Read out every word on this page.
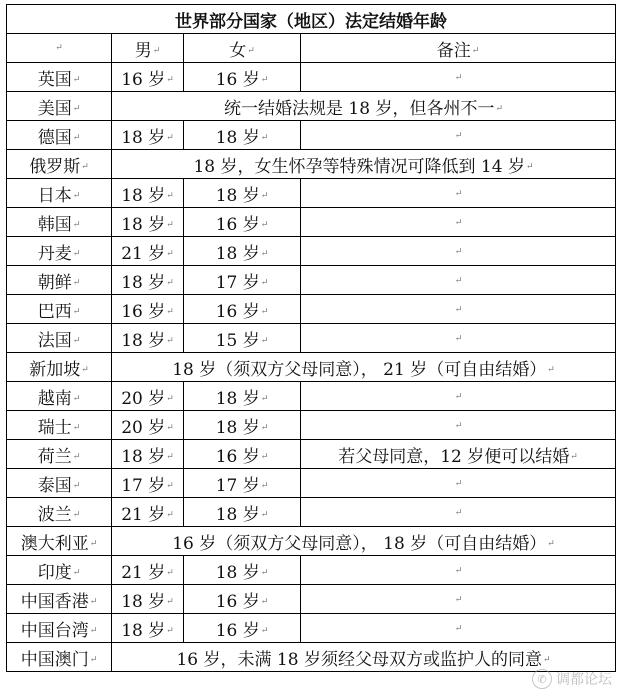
世界部分国家（地区）法定结婚年龄			
↵	男↵	女↵	备注↵
英国↵	16 岁↵	16 岁↵	↵
美国↵	统一结婚法规是 18 岁，但各州不一↵		
德国↵	18 岁↵	18 岁↵	↵
俄罗斯↵	18 岁，女生怀孕等特殊情况可降低到 14 岁↵		
日本↵	18 岁↵	18 岁↵	↵
韩国↵	18 岁↵	16 岁↵	↵
丹麦↵	21 岁↵	18 岁↵	↵
朝鲜↵	18 岁↵	17 岁↵	↵
巴西↵	16 岁↵	16 岁↵	↵
法国↵	18 岁↵	15 岁↵	↵
新加坡↵	18 岁（须双方父母同意）， 21 岁（可自由结婚）↵		
越南↵	20 岁↵	18 岁↵	↵
瑞士↵	20 岁↵	18 岁↵	↵
荷兰↵	18 岁↵	16 岁↵	若父母同意，12 岁便可以结婚↵
泰国↵	17 岁↵	17 岁↵	↵
波兰↵	21 岁↵	18 岁↵	↵
澳大利亚↵	16 岁（须双方父母同意）， 18 岁（可自由结婚）↵		
印度↵	21 岁↵	18 岁↵	↵
中国香港↵	18 岁↵	16 岁↵	↵
中国台湾↵	18 岁↵	16 岁↵	↵
中国澳门↵	16 岁，未满 18 岁须经父母双方或监护人的同意↵		
✆ 调都论坛
